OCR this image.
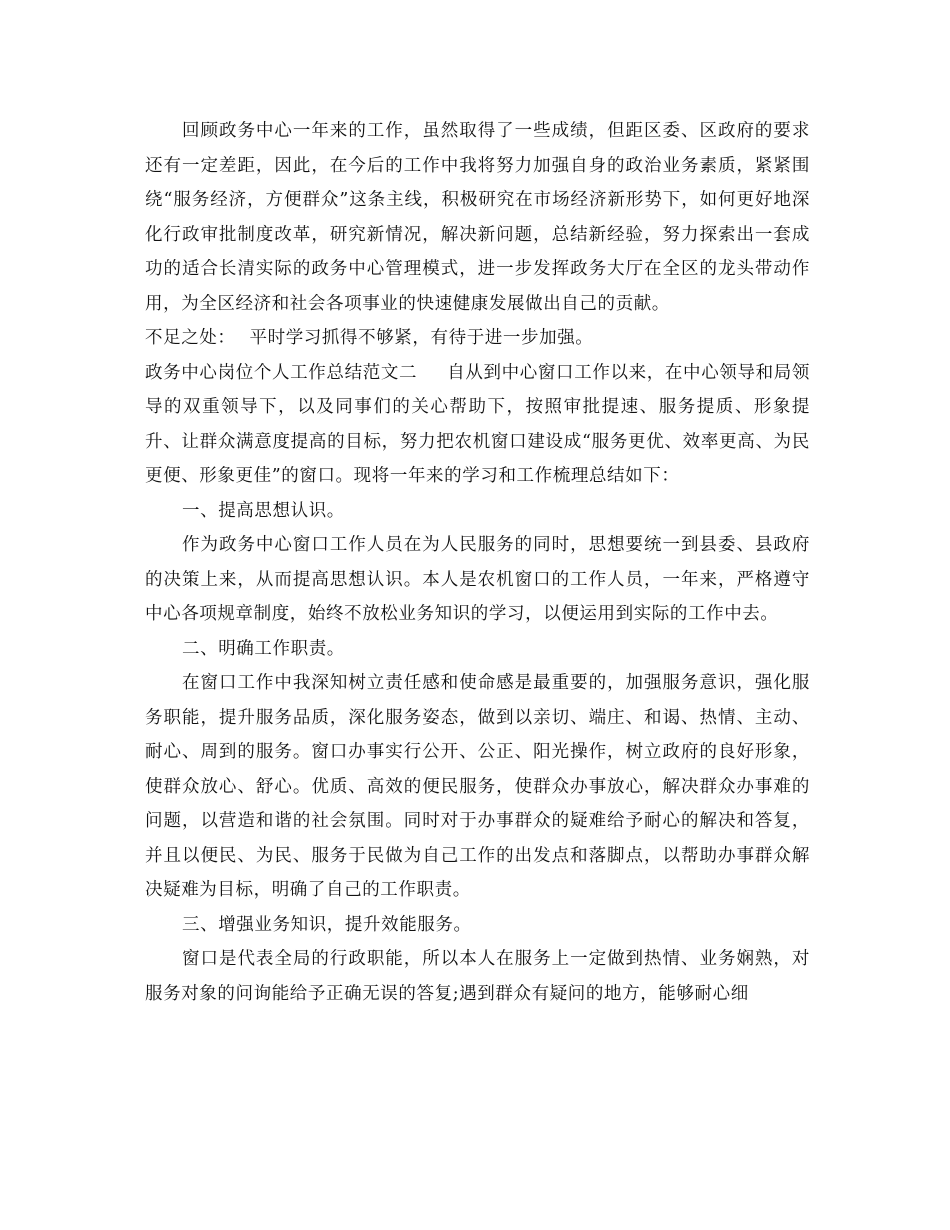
回顾政务中心一年来的工作，虽然取得了一些成绩，但距区委、区政府的要求还有一定差距，因此，在今后的工作中我将努力加强自身的政治业务素质，紧紧围绕“服务经济，方便群众”这条主线，积极研究在市场经济新形势下，如何更好地深化行政审批制度改革，研究新情况，解决新问题，总结新经验，努力探索出一套成功的适合长清实际的政务中心管理模式，进一步发挥政务大厅在全区的龙头带动作用，为全区经济和社会各项事业的快速健康发展做出自己的贡献。

不足之处： 平时学习抓得不够紧，有待于进一步加强。

政务中心岗位个人工作总结范文二 自从到中心窗口工作以来，在中心领导和局领导的双重领导下，以及同事们的关心帮助下，按照审批提速、服务提质、形象提升、让群众满意度提高的目标，努力把农机窗口建设成“服务更优、效率更高、为民更便、形象更佳”的窗口。现将一年来的学习和工作梳理总结如下：

一、提高思想认识。

作为政务中心窗口工作人员在为人民服务的同时，思想要统一到县委、县政府的决策上来，从而提高思想认识。本人是农机窗口的工作人员，一年来，严格遵守中心各项规章制度，始终不放松业务知识的学习，以便运用到实际的工作中去。

二、明确工作职责。

在窗口工作中我深知树立责任感和使命感是最重要的，加强服务意识，强化服务职能，提升服务品质，深化服务姿态，做到以亲切、端庄、和谒、热情、主动、耐心、周到的服务。窗口办事实行公开、公正、阳光操作，树立政府的良好形象，使群众放心、舒心。优质、高效的便民服务，使群众办事放心，解决群众办事难的问题，以营造和谐的社会氛围。同时对于办事群众的疑难给予耐心的解决和答复，并且以便民、为民、服务于民做为自己工作的出发点和落脚点，以帮助办事群众解决疑难为目标，明确了自己的工作职责。

三、增强业务知识，提升效能服务。

窗口是代表全局的行政职能，所以本人在服务上一定做到热情、业务娴熟，对服务对象的问询能给予正确无误的答复;遇到群众有疑问的地方，能够耐心细
